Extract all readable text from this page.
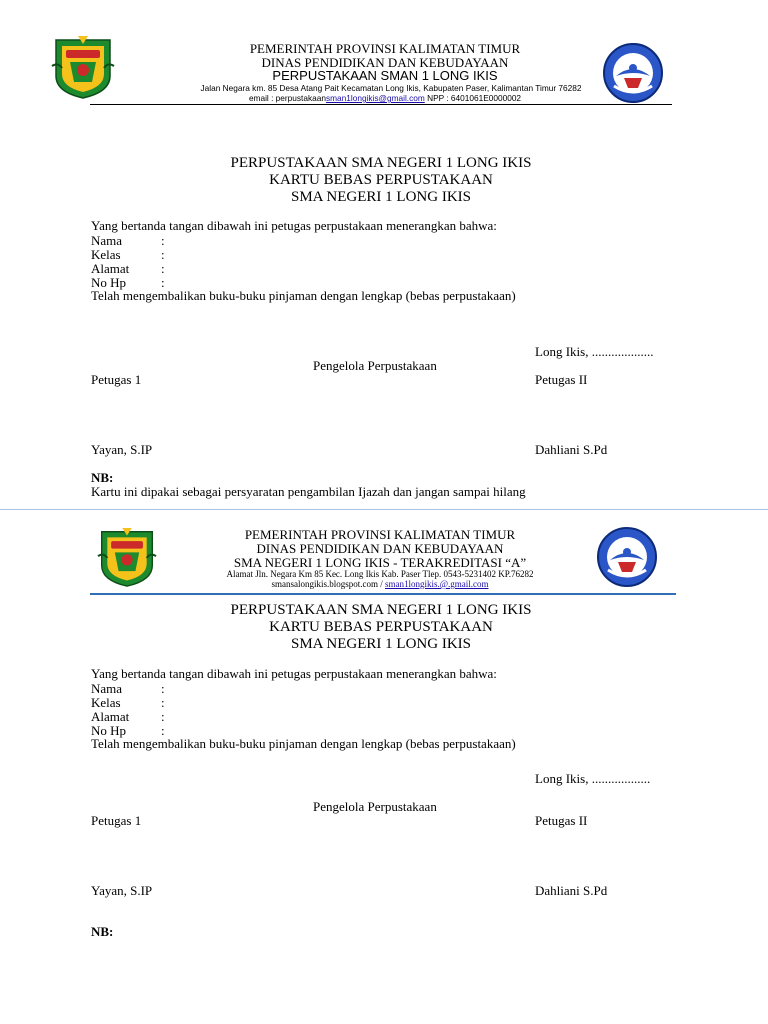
PEMERINTAH PROVINSI KALIMATAN TIMUR
DINAS PENDIDIKAN DAN KEBUDAYAAN
PERPUSTAKAAN SMAN 1 LONG IKIS
Jalan Negara km. 85 Desa Atang Pait Kecamatan Long Ikis, Kabupaten Paser, Kalimantan Timur 76282
email : perpustakaansman1longikis@gmail.com NPP : 6401061E0000002
PERPUSTAKAAN SMA NEGERI 1 LONG IKIS
KARTU BEBAS PERPUSTAKAAN
SMA NEGERI 1 LONG IKIS
Yang bertanda tangan dibawah ini petugas perpustakaan menerangkan bahwa:
Nama	:
Kelas	:
Alamat :
No Hp	:
Telah mengembalikan buku-buku pinjaman dengan lengkap (bebas perpustakaan)
Long Ikis, ...................
Pengelola Perpustakaan
Petugas 1	Petugas II
Yayan, S.IP	Dahliani S.Pd
NB:
Kartu ini dipakai sebagai persyaratan pengambilan Ijazah dan jangan sampai hilang
PEMERINTAH PROVINSI KALIMATAN TIMUR
DINAS PENDIDIKAN DAN KEBUDAYAAN
SMA NEGERI 1 LONG IKIS - TERAKREDITASI “A”
Alamat Jln. Negara Km 85 Kec. Long Ikis Kab. Paser Tlep. 0543-5231402 KP.76282
smansalongikis.blogspot.com / sman1longikis.@.gmail.com
PERPUSTAKAAN SMA NEGERI 1 LONG IKIS
KARTU BEBAS PERPUSTAKAAN
SMA NEGERI 1 LONG IKIS
Yang bertanda tangan dibawah ini petugas perpustakaan menerangkan bahwa:
Nama	:
Kelas	:
Alamat :
No Hp	:
Telah mengembalikan buku-buku pinjaman dengan lengkap (bebas perpustakaan)
Long Ikis, ..................
Pengelola Perpustakaan
Petugas 1	Petugas II
Yayan, S.IP	Dahliani S.Pd
NB:
